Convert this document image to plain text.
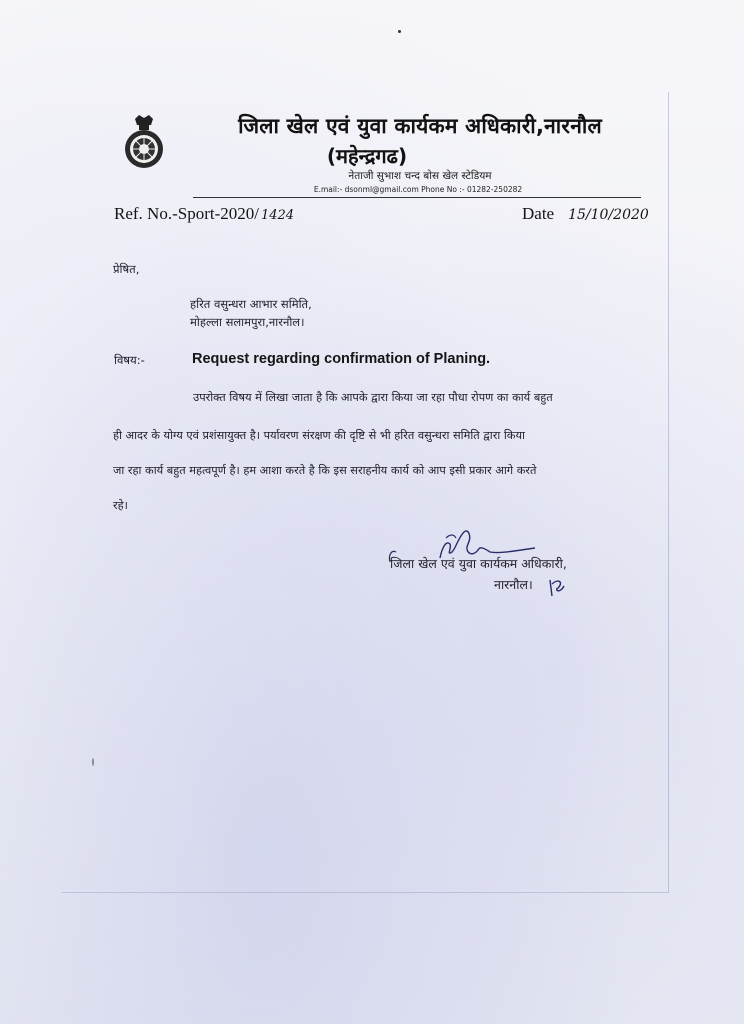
जिला खेल एवं युवा कार्यकम अधिकारी,नारनौल
(महेन्द्रगढ)
नेताजी सुभाश चन्द बोस खेल स्टेडियम
E.mail:- dsonml@gmail.com Phone No :- 01282-250282
Ref. No.-Sport-2020/ 1424	Date 15/10/2020
प्रेषित,
हरित वसुन्धरा आभार समिति,
मोहल्ला सलामपुरा,नारनौल।
विषय:-	Request regarding confirmation of Planing.
उपरोक्त विषय में लिखा जाता है कि आपके द्वारा किया जा रहा पौधा रोपण का कार्य बहुत
ही आदर के योग्य एवं प्रशंसायुक्त है। पर्यावरण संरक्षण की दृष्टि से भी हरित वसुन्धरा समिति द्वारा किया
जा रहा कार्य बहुत महत्वपूर्ण है। हम आशा करते है कि इस सराहनीय कार्य को आप इसी प्रकार आगे करते
रहे।
जिला खेल एवं युवा कार्यकम अधिकारी,
नारनौल।
